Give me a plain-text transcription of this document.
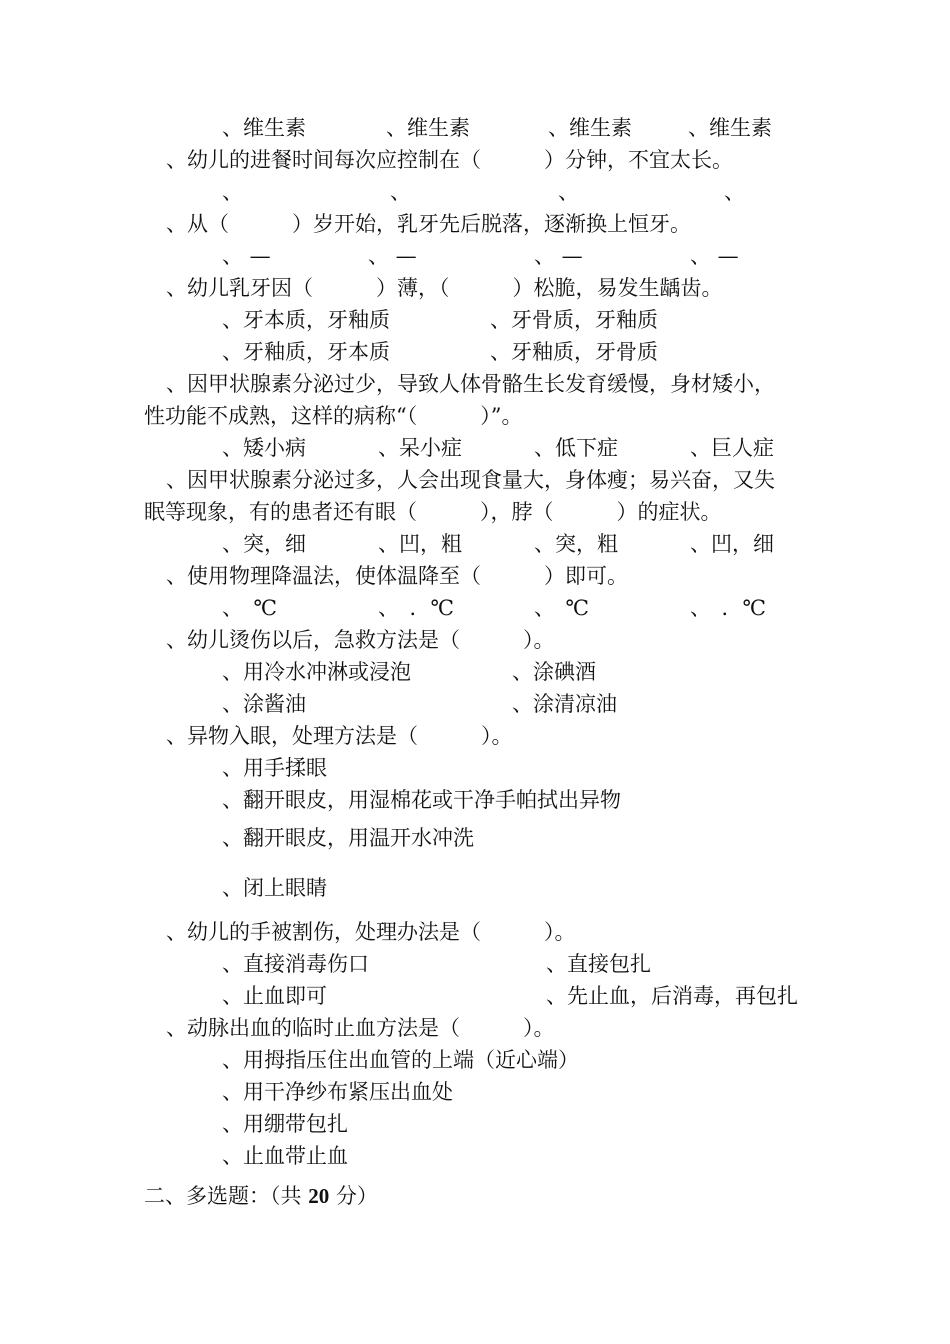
、维生素	、维生素	、维生素	、维生素
、幼儿的进餐时间每次应控制在（　　　）分钟，不宜太长。
、	、	、	、
、从（　　　）岁开始，乳牙先后脱落，逐渐换上恒牙。
、 —	、 —	、 —	、 —
、幼儿乳牙因（　　　）薄，（　　　）松脆，易发生龋齿。
、牙本质，牙釉质	、牙骨质，牙釉质
、牙釉质，牙本质	、牙釉质，牙骨质
、因甲状腺素分泌过少，导致人体骨骼生长发育缓慢，身材矮小，
性功能不成熟，这样的病称“（　　　）”。
、矮小病	、呆小症	、低下症	、巨人症
、因甲状腺素分泌过多，人会出现食量大，身体瘦；易兴奋，又失
眠等现象，有的患者还有眼（　　　），脖（　　　）的症状。
、突，细	、凹，粗	、突，粗	、凹，细
、使用物理降温法，使体温降至（　　　）即可。
、　℃	、　．℃	、　℃	、　．℃
、幼儿烫伤以后，急救方法是（　　　）。
、用冷水冲淋或浸泡	、涂碘酒
、涂酱油	、涂清凉油
、异物入眼，处理方法是（　　　）。
、用手揉眼
、翻开眼皮，用湿棉花或干净手帕拭出异物
、翻开眼皮，用温开水冲洗
、闭上眼睛
、幼儿的手被割伤，处理办法是（　　　）。
、直接消毒伤口	、直接包扎
、止血即可	、先止血，后消毒，再包扎
、动脉出血的临时止血方法是（　　　）。
、用拇指压住出血管的上端（近心端）
、用干净纱布紧压出血处
、用绷带包扎
、止血带止血
二、多选题：（共 20 分）
